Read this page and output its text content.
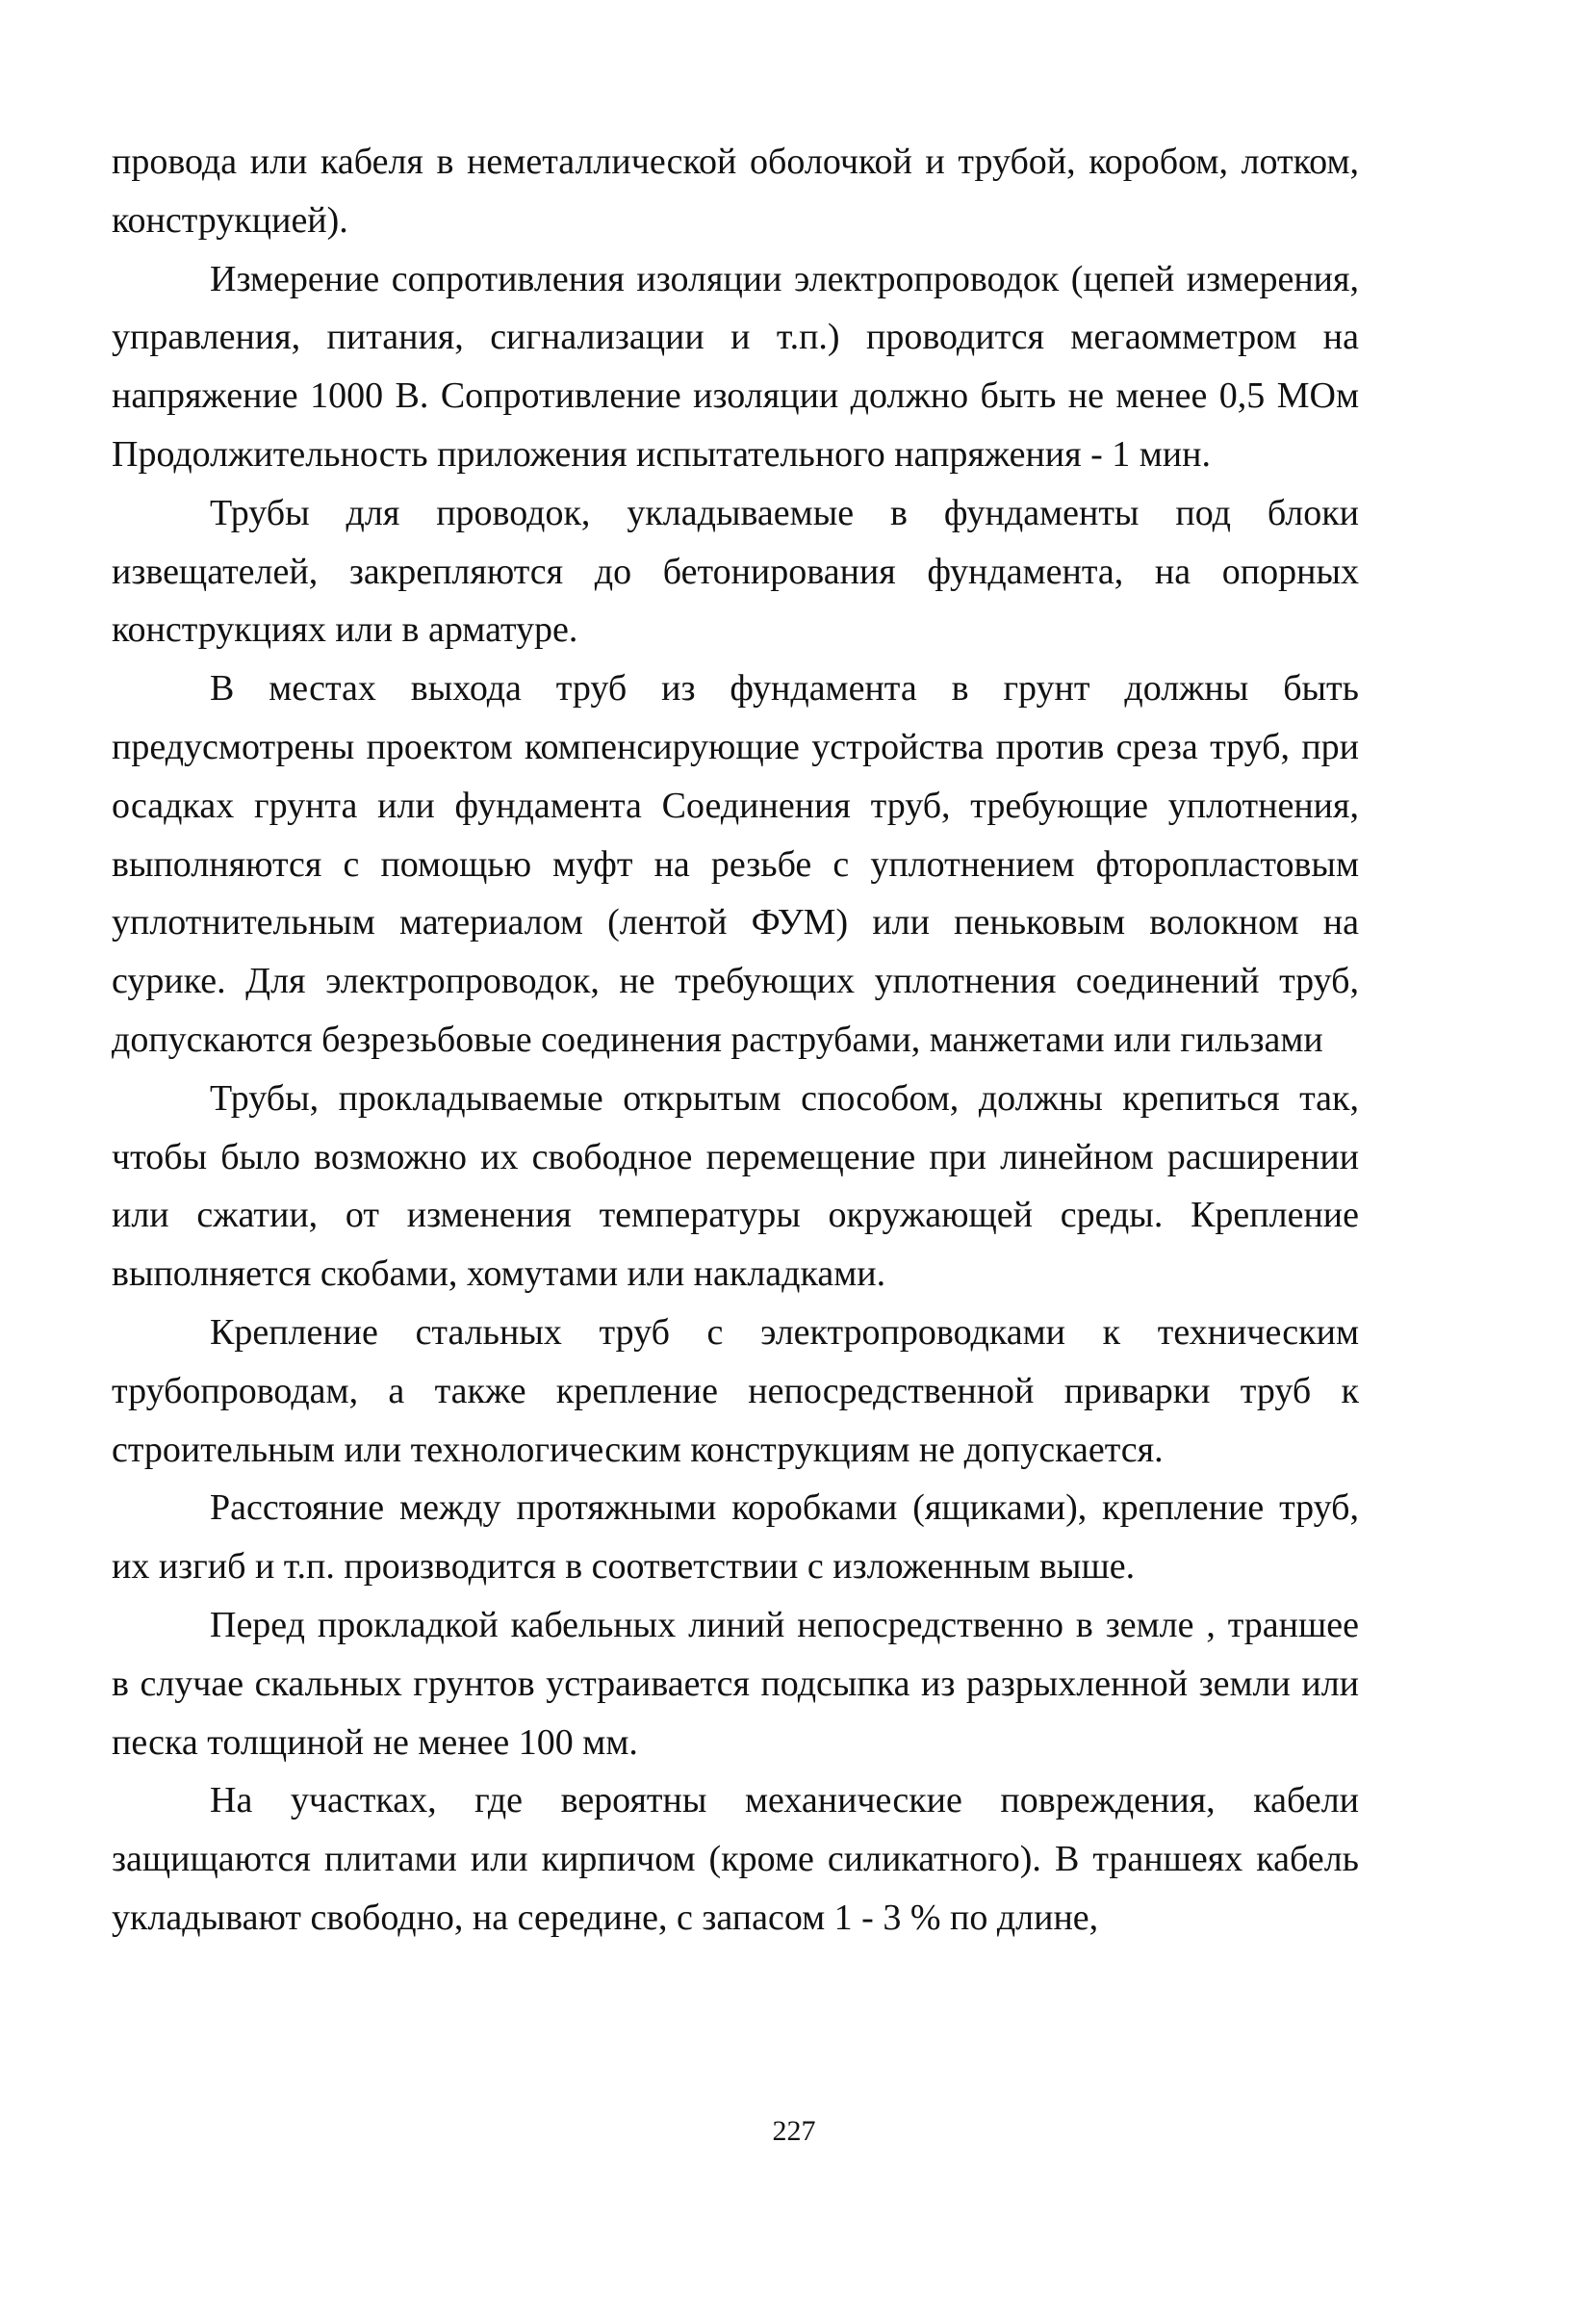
провода или кабеля в неметаллической оболочкой и трубой, коробом, лотком, конструкцией).

Измерение сопротивления изоляции электропроводок (цепей измерения, управления, питания, сигнализации и т.п.) проводится мегаомметром на напряжение 1000 В. Сопротивление изоляции должно быть не менее 0,5 МОм Продолжительность приложения испытательного напряжения - 1 мин.

Трубы для проводок, укладываемые в фундаменты под блоки извещателей, закрепляются до бетонирования фундамента, на опорных конструкциях или в арматуре.

В местах выхода труб из фундамента в грунт должны быть предусмотрены проектом компенсирующие устройства против среза труб, при осадках грунта или фундамента Соединения труб, требующие уплотнения, выполняются с помощью муфт на резьбе с уплотнением фторопластовым уплотнительным материалом (лентой ФУМ) или пеньковым волокном на сурике. Для электропроводок, не требующих уплотнения соединений труб, допускаются безрезьбовые соединения раструбами, манжетами или гильзами

Трубы, прокладываемые открытым способом, должны крепиться так, чтобы было возможно их свободное перемещение при линейном расширении или сжатии, от изменения температуры окружающей среды. Крепление выполняется скобами, хомутами или накладками.

Крепление стальных труб с электропроводками к техническим трубопроводам, а также крепление непосредственной приварки труб к строительным или технологическим конструкциям не допускается.

Расстояние между протяжными коробками (ящиками), крепление труб, их изгиб и т.п. производится в соответствии с изложенным выше.

Перед прокладкой кабельных линий непосредственно в земле , траншее в случае скальных грунтов устраивается подсыпка из разрыхленной земли или песка толщиной не менее 100 мм.

На участках, где вероятны механические повреждения, кабели защищаются плитами или кирпичом (кроме силикатного). В траншеях кабель укладывают свободно, на середине, с запасом 1 - 3 % по длине,

227
